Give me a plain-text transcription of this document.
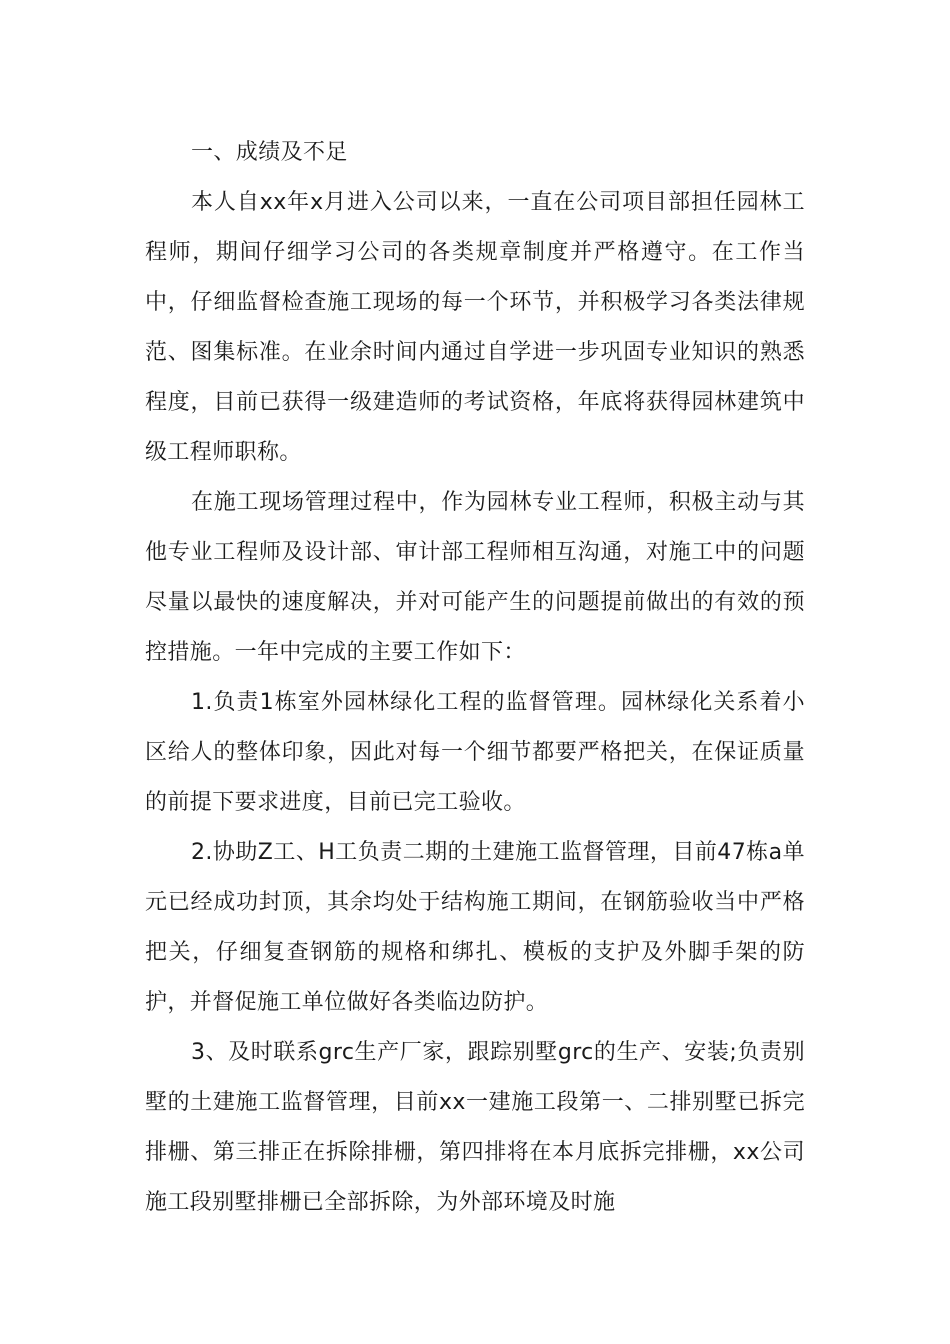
一、成绩及不足

本人自xx年x月进入公司以来，一直在公司项目部担任园林工程师，期间仔细学习公司的各类规章制度并严格遵守。在工作当中，仔细监督检查施工现场的每一个环节，并积极学习各类法律规范、图集标准。在业余时间内通过自学进一步巩固专业知识的熟悉程度，目前已获得一级建造师的考试资格，年底将获得园林建筑中级工程师职称。

在施工现场管理过程中，作为园林专业工程师，积极主动与其他专业工程师及设计部、审计部工程师相互沟通，对施工中的问题尽量以最快的速度解决，并对可能产生的问题提前做出的有效的预控措施。一年中完成的主要工作如下：

1.负责1栋室外园林绿化工程的监督管理。园林绿化关系着小区给人的整体印象，因此对每一个细节都要严格把关，在保证质量的前提下要求进度，目前已完工验收。

2.协助Z工、H工负责二期的土建施工监督管理，目前47栋a单元已经成功封顶，其余均处于结构施工期间，在钢筋验收当中严格把关，仔细复查钢筋的规格和绑扎、模板的支护及外脚手架的防护，并督促施工单位做好各类临边防护。

3、及时联系grc生产厂家，跟踪别墅grc的生产、安装;负责别墅的土建施工监督管理，目前xx一建施工段第一、二排别墅已拆完排栅、第三排正在拆除排栅，第四排将在本月底拆完排栅，xx公司施工段别墅排栅已全部拆除，为外部环境及时施
